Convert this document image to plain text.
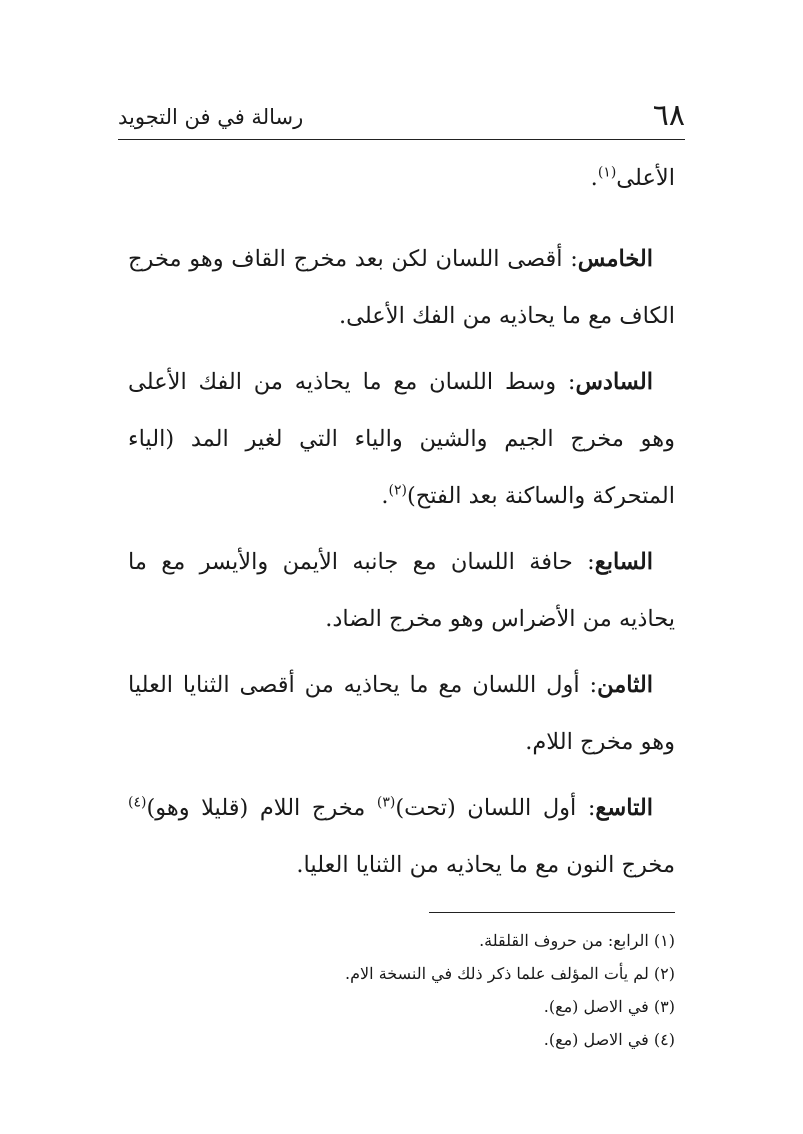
٦٨
رسالة في فن التجويد

الأعلى$^{(١)}$.

الخامس: أقصى اللسان لكن بعد مخرج القاف وهو مخرج الكاف مع ما يحاذيه من الفك الأعلى.

السادس: وسط اللسان مع ما يحاذيه من الفك الأعلى وهو مخرج الجيم والشين والياء التي لغير المد (الياء المتحركة والساكنة بعد الفتح)$^{(٢)}$.

السابع: حافة اللسان مع جانبه الأيمن والأيسر مع ما يحاذيه من الأضراس وهو مخرج الضاد.

الثامن: أول اللسان مع ما يحاذيه من أقصى الثنايا العليا وهو مخرج اللام.

التاسع: أول اللسان (تحت)$^{(٣)}$ مخرج اللام (قليلا وهو)$^{(٤)}$ مخرج النون مع ما يحاذيه من الثنايا العليا.

(١) الرابع: من حروف القلقلة.

(٢) لم يأت المؤلف علما ذكر ذلك في النسخة الام.

(٣) في الاصل (مع).

(٤) في الاصل (مع).
